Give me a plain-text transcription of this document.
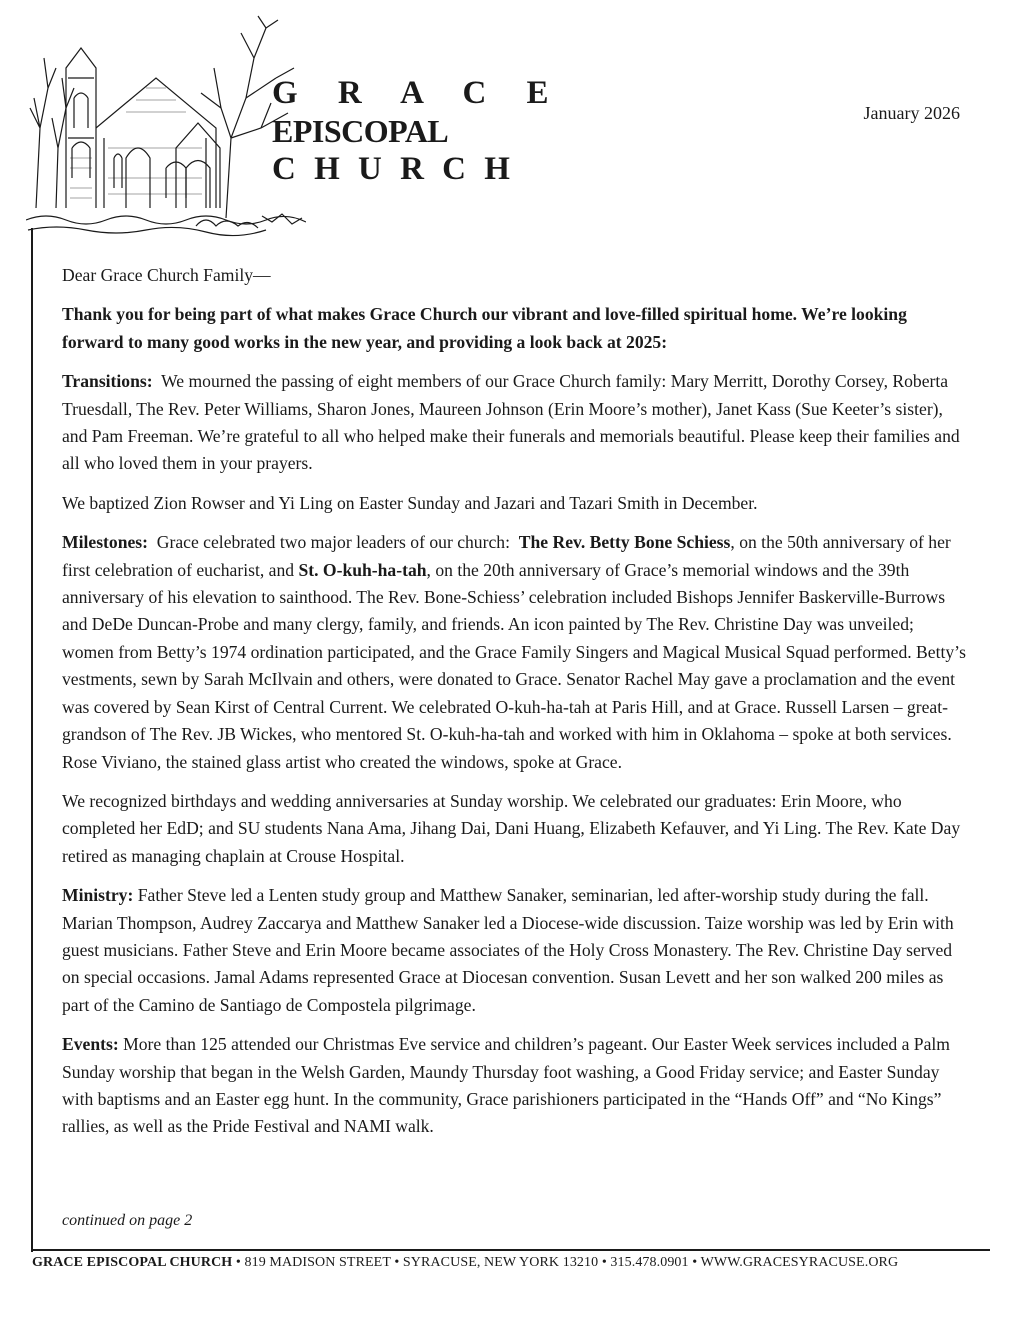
G R A C E
EPISCOPAL
C H U R C H
January 2026

Dear Grace Church Family—

Thank you for being part of what makes Grace Church our vibrant and love-filled spiritual home. We’re looking forward to many good works in the new year, and providing a look back at 2025:

Transitions: We mourned the passing of eight members of our Grace Church family: Mary Merritt, Dorothy Corsey, Roberta Truesdall, The Rev. Peter Williams, Sharon Jones, Maureen Johnson (Erin Moore’s mother), Janet Kass (Sue Keeter’s sister), and Pam Freeman. We’re grateful to all who helped make their funerals and memorials beautiful. Please keep their families and all who loved them in your prayers.

We baptized Zion Rowser and Yi Ling on Easter Sunday and Jazari and Tazari Smith in December.

Milestones: Grace celebrated two major leaders of our church: The Rev. Betty Bone Schiess, on the 50th anniversary of her first celebration of eucharist, and St. O-kuh-ha-tah, on the 20th anniversary of Grace’s memorial windows and the 39th anniversary of his elevation to sainthood. The Rev. Bone-Schiess’ celebration included Bishops Jennifer Baskerville-Burrows and DeDe Duncan-Probe and many clergy, family, and friends. An icon painted by The Rev. Christine Day was unveiled; women from Betty’s 1974 ordination participated, and the Grace Family Singers and Magical Musical Squad performed. Betty’s vestments, sewn by Sarah McIlvain and others, were donated to Grace. Senator Rachel May gave a proclamation and the event was covered by Sean Kirst of Central Current. We celebrated O-kuh-ha-tah at Paris Hill, and at Grace. Russell Larsen – great-grandson of The Rev. JB Wickes, who mentored St. O-kuh-ha-tah and worked with him in Oklahoma – spoke at both services. Rose Viviano, the stained glass artist who created the windows, spoke at Grace.

We recognized birthdays and wedding anniversaries at Sunday worship. We celebrated our graduates: Erin Moore, who completed her EdD; and SU students Nana Ama, Jihang Dai, Dani Huang, Elizabeth Kefauver, and Yi Ling. The Rev. Kate Day retired as managing chaplain at Crouse Hospital.

Ministry: Father Steve led a Lenten study group and Matthew Sanaker, seminarian, led after-worship study during the fall. Marian Thompson, Audrey Zaccarya and Matthew Sanaker led a Diocese-wide discussion. Taize worship was led by Erin with guest musicians. Father Steve and Erin Moore became associates of the Holy Cross Monastery. The Rev. Christine Day served on special occasions. Jamal Adams represented Grace at Diocesan convention. Susan Levett and her son walked 200 miles as part of the Camino de Santiago de Compostela pilgrimage.

Events: More than 125 attended our Christmas Eve service and children’s pageant. Our Easter Week services included a Palm Sunday worship that began in the Welsh Garden, Maundy Thursday foot washing, a Good Friday service; and Easter Sunday with baptisms and an Easter egg hunt. In the community, Grace parishioners participated in the “Hands Off” and “No Kings” rallies, as well as the Pride Festival and NAMI walk.

continued on page 2
GRACE EPISCOPAL CHURCH • 819 MADISON STREET • SYRACUSE, NEW YORK 13210 • 315.478.0901 • WWW.GRACESYRACUSE.ORG
